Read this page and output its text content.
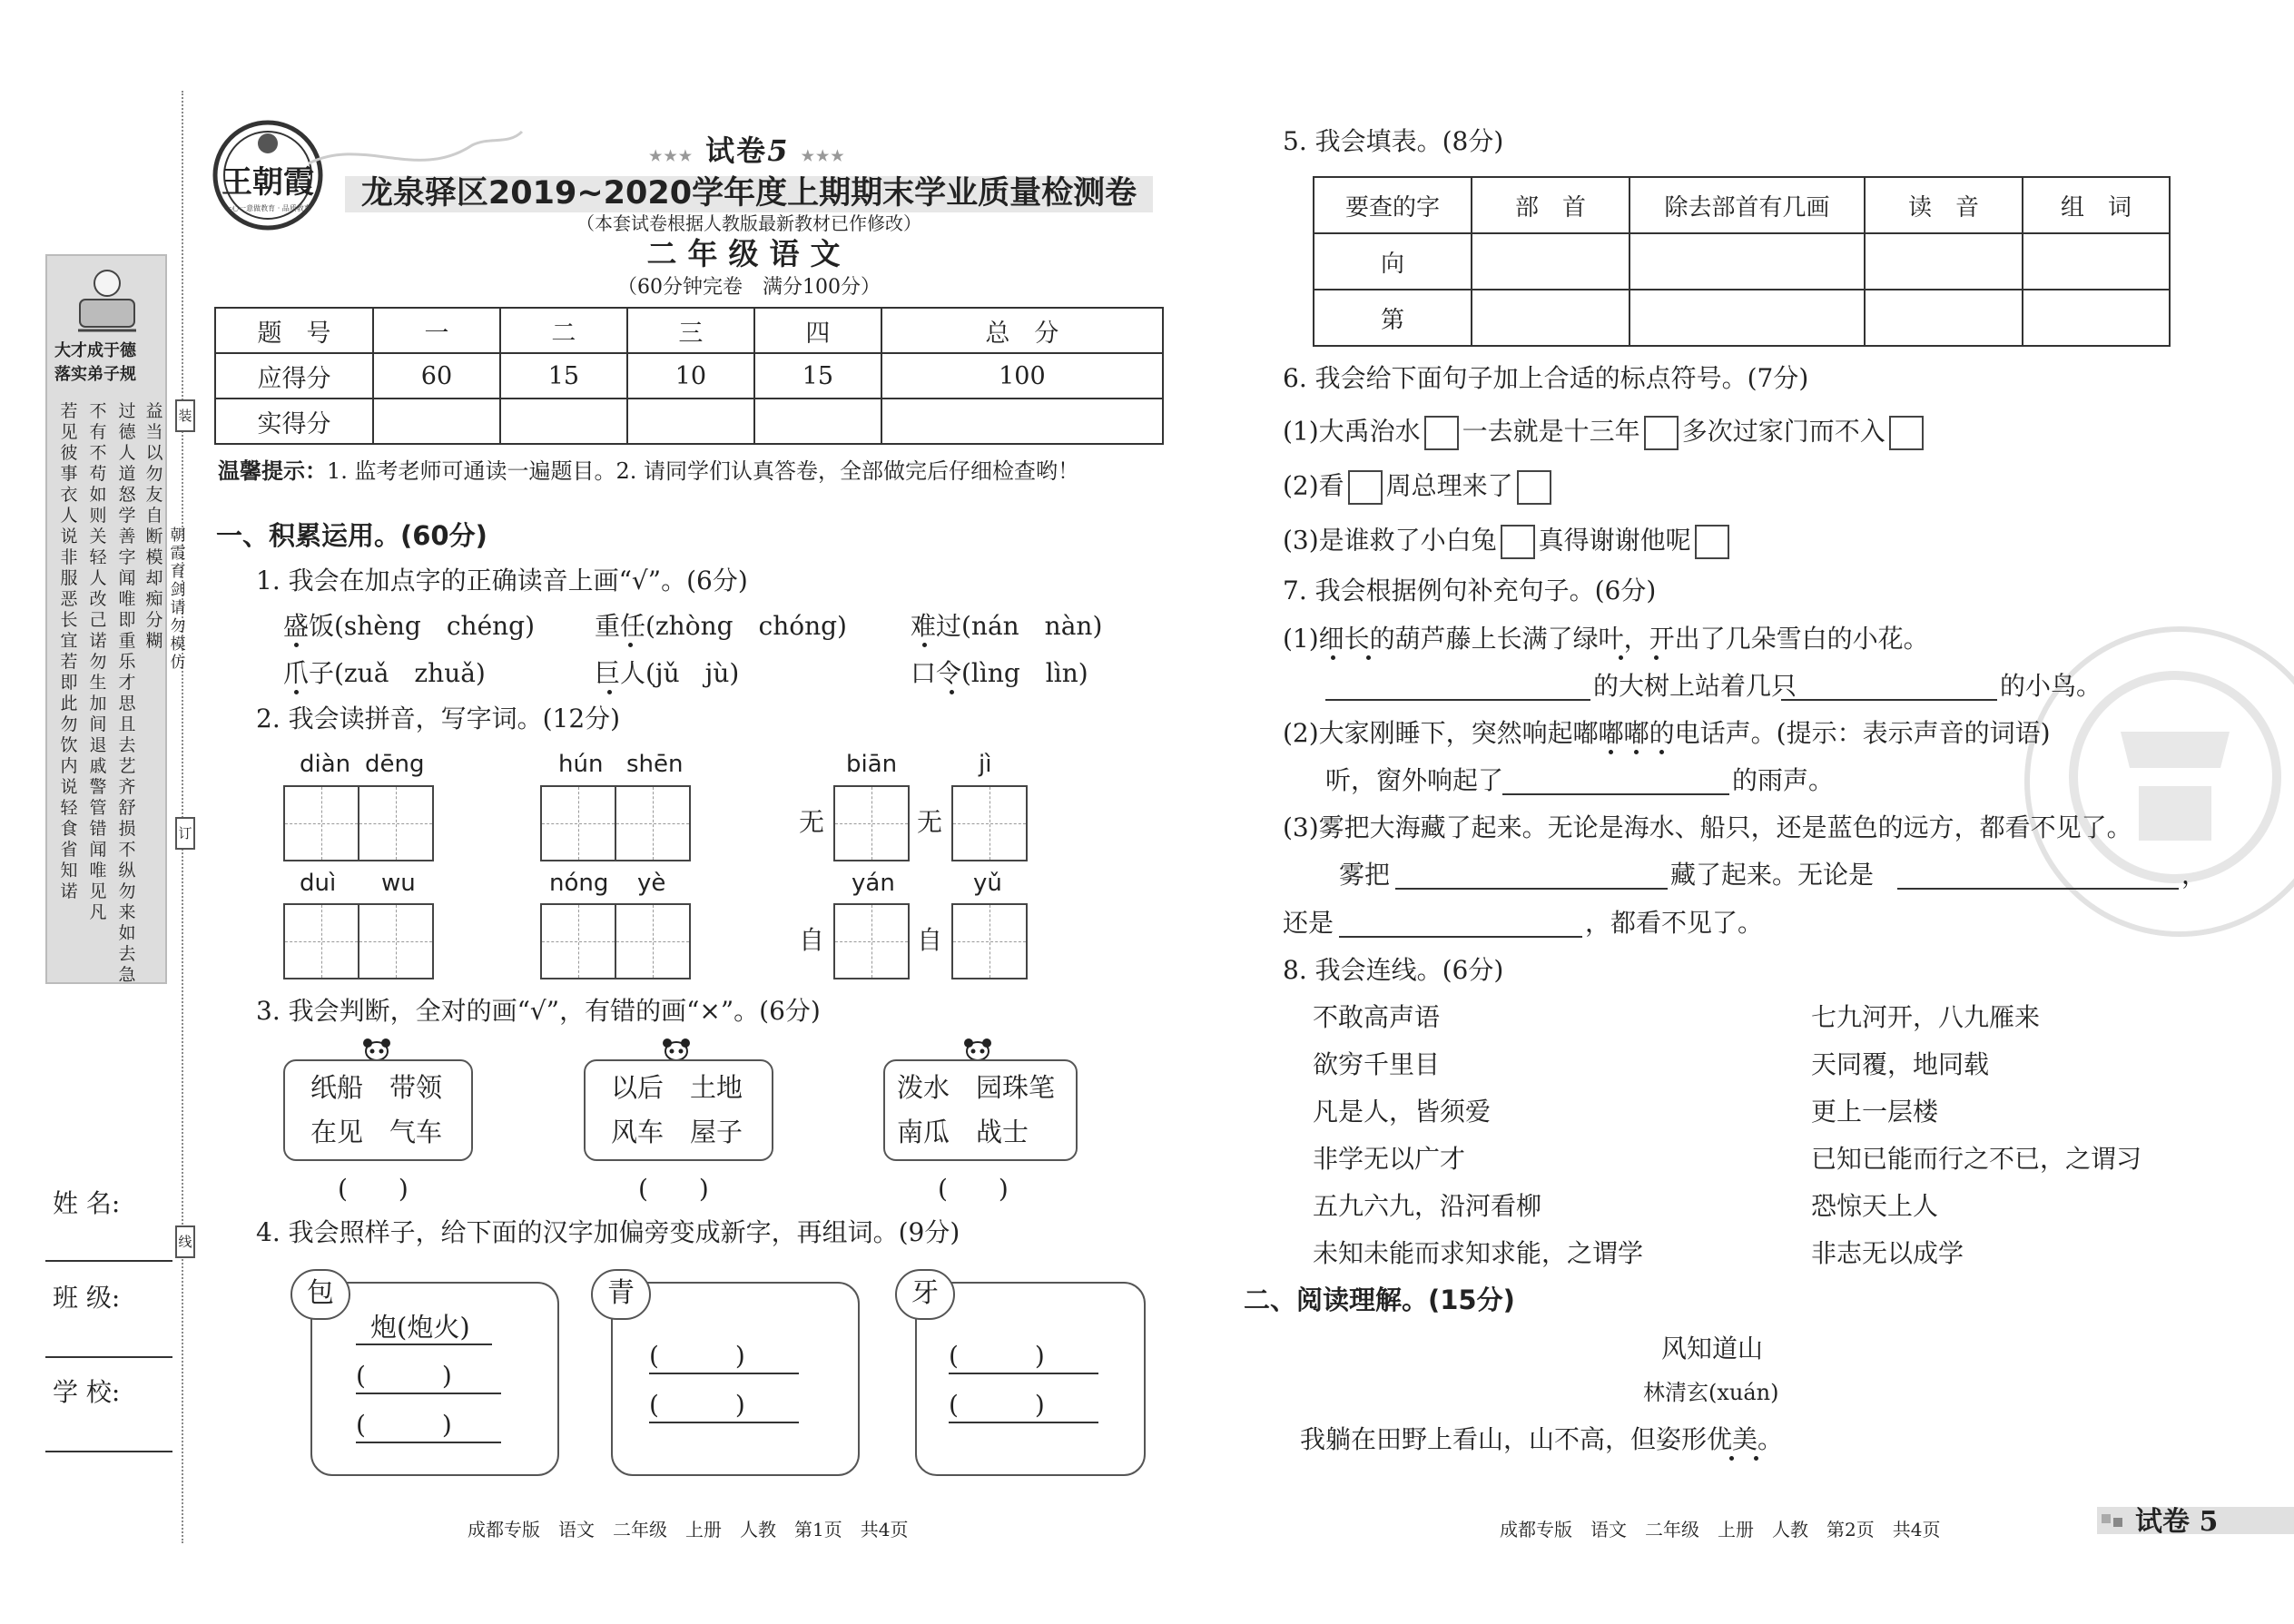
大才成于德
落实弟子规
若见彼事衣人说非服恶长宜若即此勿饮内说轻食省知诺
不有不苟如则关轻人改己诺勿生加间退戚警管错闻唯见凡
过德人道怒学善字闻唯即重乐才思且去艺齐舒损不纵勿来如去急
益当以勿友自断模却痴分糊
朝霞育剑 请勿模仿
装
订
线
姓 名:
班 级:
学 校:
王朝霞
一心一意做教育 · 品质教育
★★★ 试卷5 ★★★
龙泉驿区2019~2020学年度上期期末学业质量检测卷
（本套试卷根据人教版最新教材已作修改）
二年级语文
（60分钟完卷　满分100分）
题　号	一	二	三	四	总　分
应得分	60	15	10	15	100
实得分					
温馨提示：1. 监考老师可通读一遍题目。2. 请同学们认真答卷，全部做完后仔细检查哟！
一、积累运用。(60分)
1. 我会在加点字的正确读音上画“√”。(6分)
盛饭(shèng　chéng) 重任(zhòng　chóng)	难过(nán　nàn)
爪子(zuǎ　zhuǎ)	巨人(jǔ　jù)	口令(lìng　lìn)
2. 我会读拼音，写字词。(12分)
diàn dēng	hún shēn	biān	jì
无	无
duì wu	nóng yè	yán	yǔ
自	自
3. 我会判断，全对的画“√”，有错的画“×”。(6分)
纸船　带领
在见　气车
(　　)
以后　土地
风车　屋子
(　　)
泼水　园珠笔
南瓜　战士
(　　)
4. 我会照样子，给下面的汉字加偏旁变成新字，再组词。(9分)
包
炮(炮火)
(　　　)
(　　　)
青
(　　　)
(　　　)
牙
(　　　)
(　　　)
成都专版　语文　二年级　上册　人教　第1页　共4页
5. 我会填表。(8分)
要查的字	部　首	除去部首有几画	读　音	组　词
向				
第				
6. 我会给下面句子加上合适的标点符号。(7分)
(1)大禹治水 一去就是十三年 多次过家门而不入
(2)看 周总理来了
(3)是谁救了小白兔 真得谢谢他呢
7. 我会根据例句补充句子。(6分)
(1)细长的葫芦藤上长满了绿叶，开出了几朵雪白的小花。
的大树上站着几只	的小鸟。
(2)大家刚睡下，突然响起嘟嘟嘟的电话声。(提示：表示声音的词语)
听，窗外响起了	的雨声。
(3)雾把大海藏了起来。无论是海水、船只，还是蓝色的远方，都看不见了。
雾把	藏了起来。无论是	，
还是	，都看不见了。
8. 我会连线。(6分)
不敢高声语
欲穷千里目
凡是人，皆须爱
非学无以广才
五九六九，沿河看柳
未知未能而求知求能，之谓学
七九河开，八九雁来
天同覆，地同载
更上一层楼
已知已能而行之不已，之谓习
恐惊天上人
非志无以成学
二、阅读理解。(15分)
风知道山
林清玄(xuán)
我躺在田野上看山，山不高，但姿形优美。
成都专版　语文　二年级　上册　人教　第2页　共4页	试卷 5
